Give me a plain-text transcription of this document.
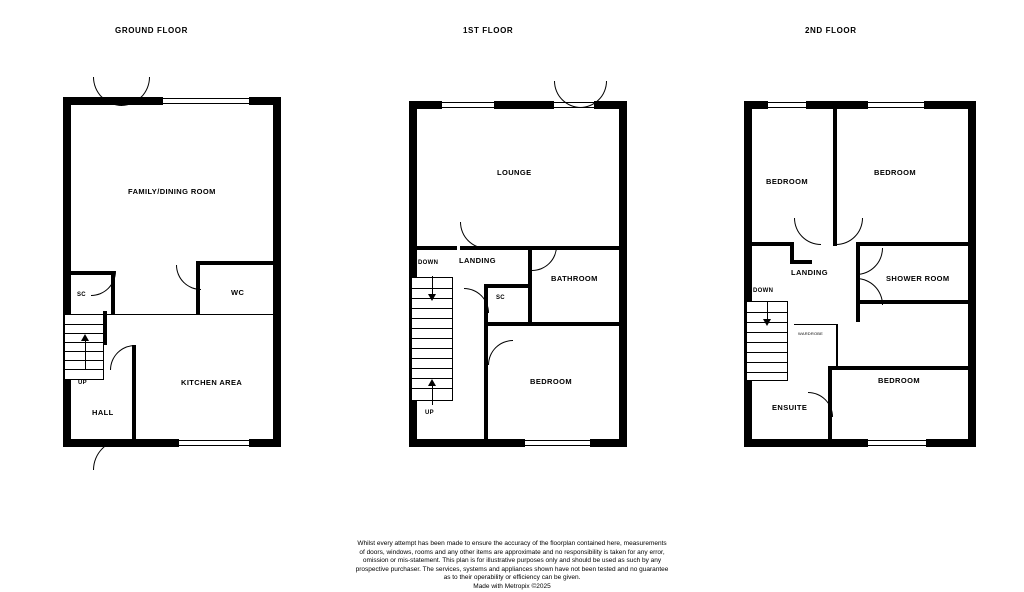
GROUND FLOOR
UP
FAMILY/DINING ROOM
SC	WC
KITCHEN AREA
HALL
1ST FLOOR
DOWN
UP
LOUNGE
LANDING
BATHROOM
SC
BEDROOM
2ND FLOOR
DOWN
WARDROBE
BEDROOM
BEDROOM
LANDING
SHOWER ROOM
BEDROOM
ENSUITE
Whilst every attempt has been made to ensure the accuracy of the floorplan contained here, measurements
of doors, windows, rooms and any other items are approximate and no responsibility is taken for any error,
omission or mis-statement. This plan is for illustrative purposes only and should be used as such by any
prospective purchaser. The services, systems and appliances shown have not been tested and no guarantee
as to their operability or efficiency can be given.
Made with Metropix ©2025
